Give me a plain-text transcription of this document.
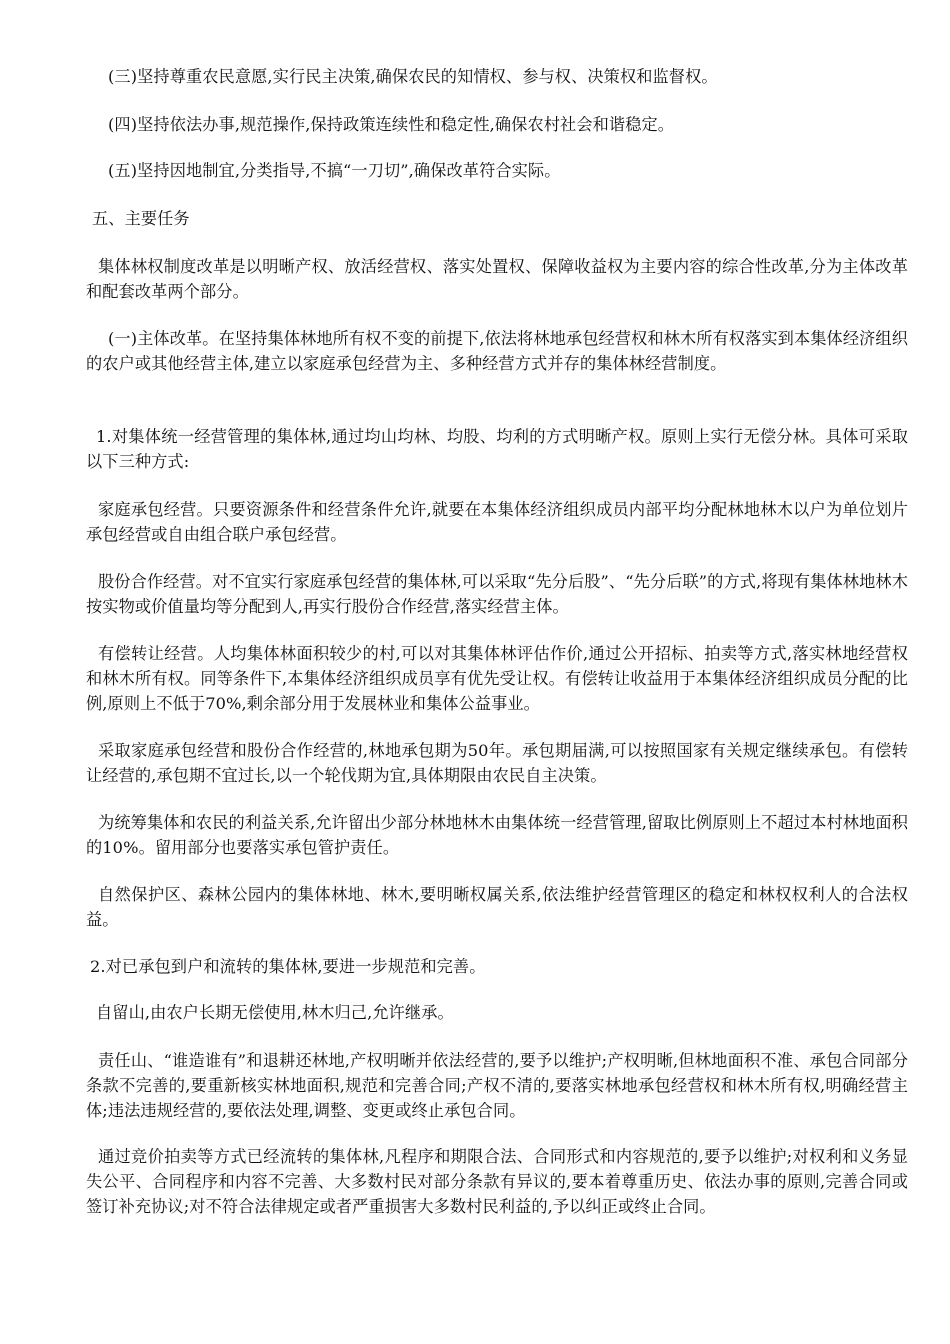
(三)坚持尊重农民意愿,实行民主决策,确保农民的知情权、参与权、决策权和监督权。

(四)坚持依法办事,规范操作,保持政策连续性和稳定性,确保农村社会和谐稳定。

(五)坚持因地制宜,分类指导,不搞“一刀切”,确保改革符合实际。

五、主要任务

集体林权制度改革是以明晰产权、放活经营权、落实处置权、保障收益权为主要内容的综合性改革,分为主体改革和配套改革两个部分。

(一)主体改革。在坚持集体林地所有权不变的前提下,依法将林地承包经营权和林木所有权落实到本集体经济组织的农户或其他经营主体,建立以家庭承包经营为主、多种经营方式并存的集体林经营制度。

1.对集体统一经营管理的集体林,通过均山均林、均股、均利的方式明晰产权。原则上实行无偿分林。具体可采取以下三种方式:

家庭承包经营。只要资源条件和经营条件允许,就要在本集体经济组织成员内部平均分配林地林木以户为单位划片承包经营或自由组合联户承包经营。

股份合作经营。对不宜实行家庭承包经营的集体林,可以采取“先分后股”、“先分后联”的方式,将现有集体林地林木按实物或价值量均等分配到人,再实行股份合作经营,落实经营主体。

有偿转让经营。人均集体林面积较少的村,可以对其集体林评估作价,通过公开招标、拍卖等方式,落实林地经营权和林木所有权。同等条件下,本集体经济组织成员享有优先受让权。有偿转让收益用于本集体经济组织成员分配的比例,原则上不低于70%,剩余部分用于发展林业和集体公益事业。

采取家庭承包经营和股份合作经营的,林地承包期为50年。承包期届满,可以按照国家有关规定继续承包。有偿转让经营的,承包期不宜过长,以一个轮伐期为宜,具体期限由农民自主决策。

为统筹集体和农民的利益关系,允许留出少部分林地林木由集体统一经营管理,留取比例原则上不超过本村林地面积的10%。留用部分也要落实承包管护责任。

自然保护区、森林公园内的集体林地、林木,要明晰权属关系,依法维护经营管理区的稳定和林权权利人的合法权益。

2.对已承包到户和流转的集体林,要进一步规范和完善。

自留山,由农户长期无偿使用,林木归己,允许继承。

责任山、“谁造谁有”和退耕还林地,产权明晰并依法经营的,要予以维护;产权明晰,但林地面积不准、承包合同部分条款不完善的,要重新核实林地面积,规范和完善合同;产权不清的,要落实林地承包经营权和林木所有权,明确经营主体;违法违规经营的,要依法处理,调整、变更或终止承包合同。

通过竞价拍卖等方式已经流转的集体林,凡程序和期限合法、合同形式和内容规范的,要予以维护;对权利和义务显失公平、合同程序和内容不完善、大多数村民对部分条款有异议的,要本着尊重历史、依法办事的原则,完善合同或签订补充协议;对不符合法律规定或者严重损害大多数村民利益的,予以纠正或终止合同。
